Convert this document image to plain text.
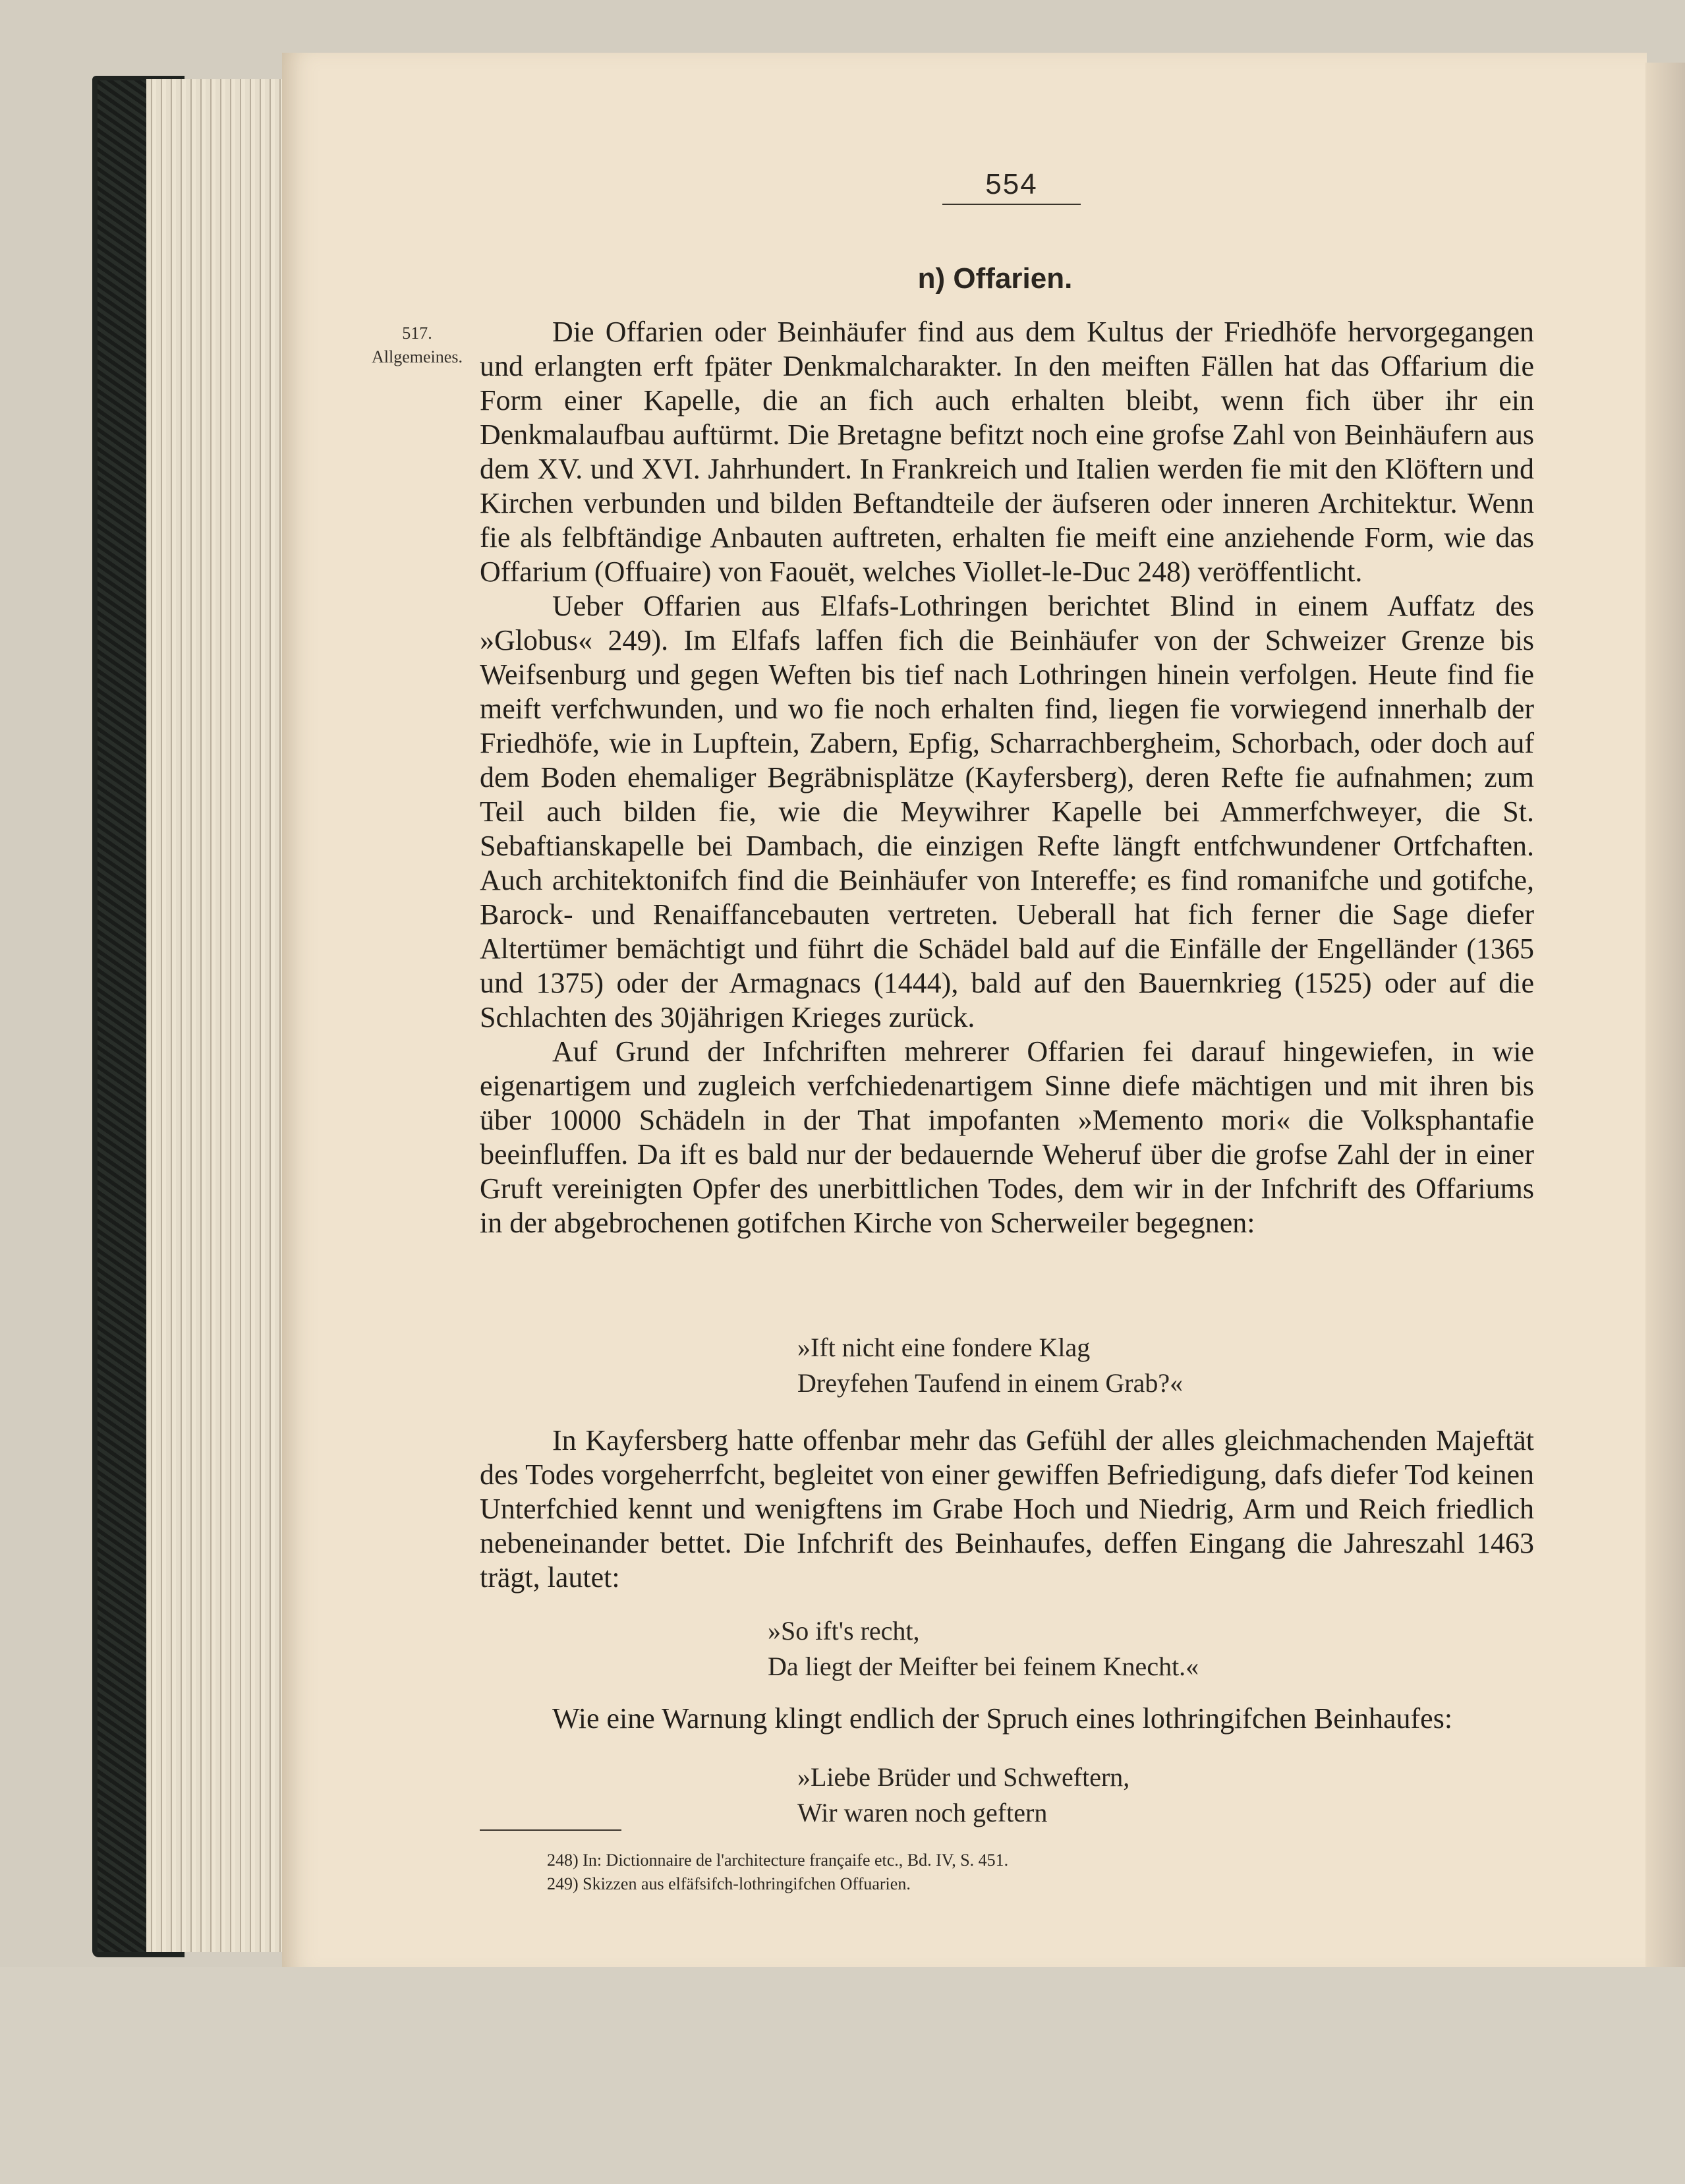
554
n) Offarien.
517.
Allgemeines.

Die Offarien oder Beinhäufer find aus dem Kultus der Friedhöfe hervorgegangen und erlangten erft fpäter Denkmalcharakter. In den meiften Fällen hat das Offarium die Form einer Kapelle, die an fich auch erhalten bleibt, wenn fich über ihr ein Denkmalaufbau auftürmt. Die Bretagne befitzt noch eine grofse Zahl von Beinhäufern aus dem XV. und XVI. Jahrhundert. In Frankreich und Italien werden fie mit den Klöftern und Kirchen verbunden und bilden Beftandteile der äufseren oder inneren Architektur. Wenn fie als felbftändige Anbauten auftreten, erhalten fie meift eine anziehende Form, wie das Offarium (Offuaire) von Faouët, welches Viollet-le-Duc 248) veröffentlicht.

Ueber Offarien aus Elfafs-Lothringen berichtet Blind in einem Auffatz des »Globus« 249). Im Elfafs laffen fich die Beinhäufer von der Schweizer Grenze bis Weifsenburg und gegen Weften bis tief nach Lothringen hinein verfolgen. Heute find fie meift verfchwunden, und wo fie noch erhalten find, liegen fie vorwiegend innerhalb der Friedhöfe, wie in Lupftein, Zabern, Epfig, Scharrachbergheim, Schorbach, oder doch auf dem Boden ehemaliger Begräbnisplätze (Kayfersberg), deren Refte fie aufnahmen; zum Teil auch bilden fie, wie die Meywihrer Kapelle bei Ammerfchweyer, die St. Sebaftianskapelle bei Dambach, die einzigen Refte längft entfchwundener Ortfchaften. Auch architektonifch find die Beinhäufer von Intereffe; es find romanifche und gotifche, Barock- und Renaiffancebauten vertreten. Ueberall hat fich ferner die Sage diefer Altertümer bemächtigt und führt die Schädel bald auf die Einfälle der Engelländer (1365 und 1375) oder der Armagnacs (1444), bald auf den Bauernkrieg (1525) oder auf die Schlachten des 30jährigen Krieges zurück.

Auf Grund der Infchriften mehrerer Offarien fei darauf hingewiefen, in wie eigenartigem und zugleich verfchiedenartigem Sinne diefe mächtigen und mit ihren bis über 10000 Schädeln in der That impofanten »Memento mori« die Volksphantafie beeinfluffen. Da ift es bald nur der bedauernde Weheruf über die grofse Zahl der in einer Gruft vereinigten Opfer des unerbittlichen Todes, dem wir in der Infchrift des Offariums in der abgebrochenen gotifchen Kirche von Scherweiler begegnen:

»Ift nicht eine fondere Klag
Dreyfehen Taufend in einem Grab?«

In Kayfersberg hatte offenbar mehr das Gefühl der alles gleichmachenden Majeftät des Todes vorgeherrfcht, begleitet von einer gewiffen Befriedigung, dafs diefer Tod keinen Unterfchied kennt und wenigftens im Grabe Hoch und Niedrig, Arm und Reich friedlich nebeneinander bettet. Die Infchrift des Beinhaufes, deffen Eingang die Jahreszahl 1463 trägt, lautet:

»So ift's recht,
Da liegt der Meifter bei feinem Knecht.«

Wie eine Warnung klingt endlich der Spruch eines lothringifchen Beinhaufes:

»Liebe Brüder und Schweftern,
Wir waren noch geftern
248) In: Dictionnaire de l'architecture françaife etc., Bd. IV, S. 451.
249) Skizzen aus elfäfsifch-lothringifchen Offuarien.
